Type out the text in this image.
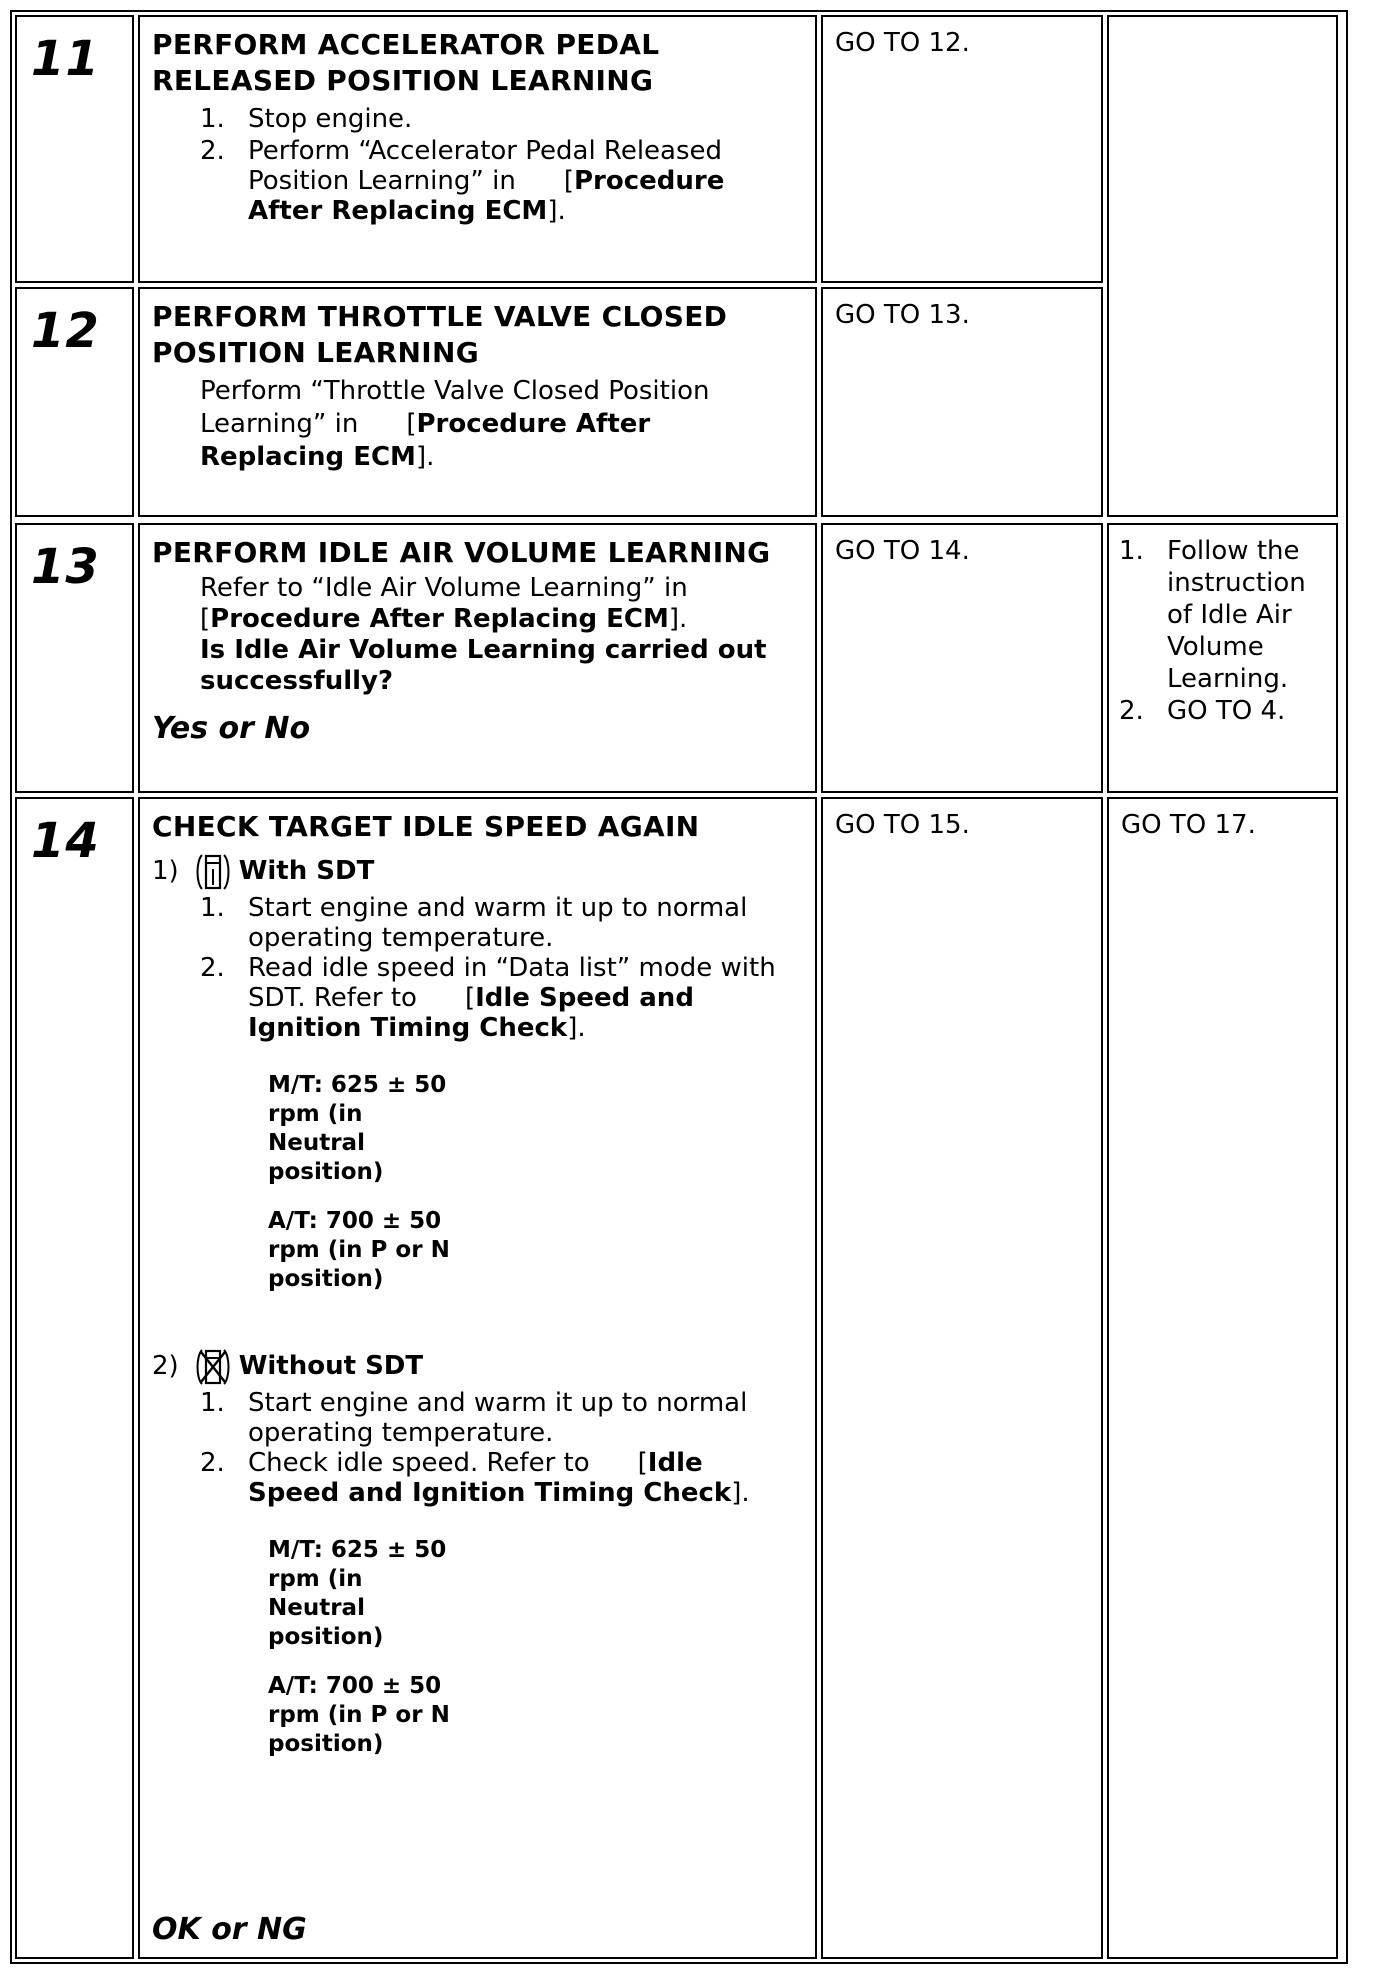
11 PERFORM ACCELERATOR PEDAL
RELEASED POSITION LEARNING
1. Stop engine.
2. Perform “Accelerator Pedal Released
Position Learning” in [Procedure
After Replacing ECM].
GO TO 12.
12 PERFORM THROTTLE VALVE CLOSED
POSITION LEARNING
Perform “Throttle Valve Closed Position
Learning” in [Procedure After
Replacing ECM].
GO TO 13.
13 PERFORM IDLE AIR VOLUME LEARNING
Refer to “Idle Air Volume Learning” in
[Procedure After Replacing ECM].
Is Idle Air Volume Learning carried out
successfully?
Yes or No
GO TO 14.	1. Follow the
instruction
of Idle Air
Volume
Learning.
2. GO TO 4.
14 CHECK TARGET IDLE SPEED AGAIN
1) With SDT
1. Start engine and warm it up to normal
operating temperature.
2. Read idle speed in “Data list” mode with
SDT. Refer to [Idle Speed and
Ignition Timing Check].
M/T: 625 ± 50
rpm (in
Neutral
position)
A/T: 700 ± 50
rpm (in P or N
position)
2) Without SDT
1. Start engine and warm it up to normal
operating temperature.
2. Check idle speed. Refer to [Idle
Speed and Ignition Timing Check].
M/T: 625 ± 50
rpm (in
Neutral
position)
A/T: 700 ± 50
rpm (in P or N
position)
OK or NG
GO TO 15.	GO TO 17.
